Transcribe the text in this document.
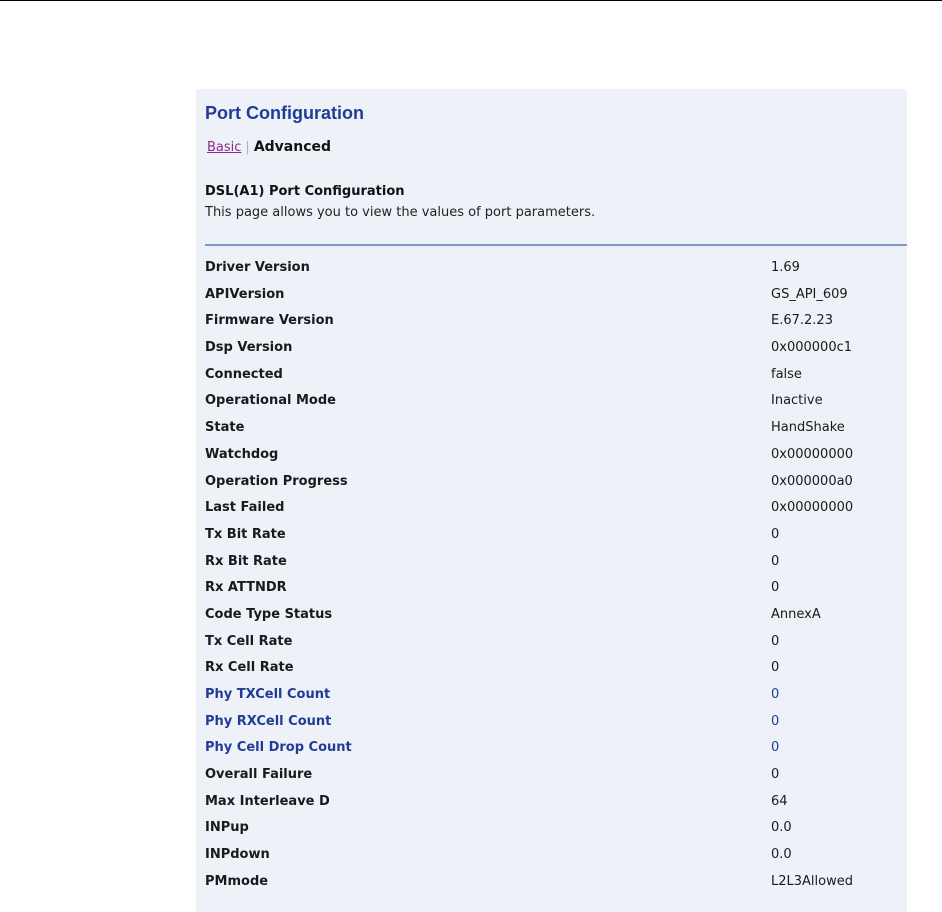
Port Configuration
Basic | Advanced
DSL(A1) Port Configuration
This page allows you to view the values of port parameters.
Driver Version	1.69
APIVersion	GS_API_609
Firmware Version	E.67.2.23
Dsp Version	0x000000c1
Connected	false
Operational Mode	Inactive
State	HandShake
Watchdog	0x00000000
Operation Progress	0x000000a0
Last Failed	0x00000000
Tx Bit Rate	0
Rx Bit Rate	0
Rx ATTNDR	0
Code Type Status	AnnexA
Tx Cell Rate	0
Rx Cell Rate	0
Phy TXCell Count	0
Phy RXCell Count	0
Phy Cell Drop Count	0
Overall Failure	0
Max Interleave D	64
INPup	0.0
INPdown	0.0
PMmode	L2L3Allowed
